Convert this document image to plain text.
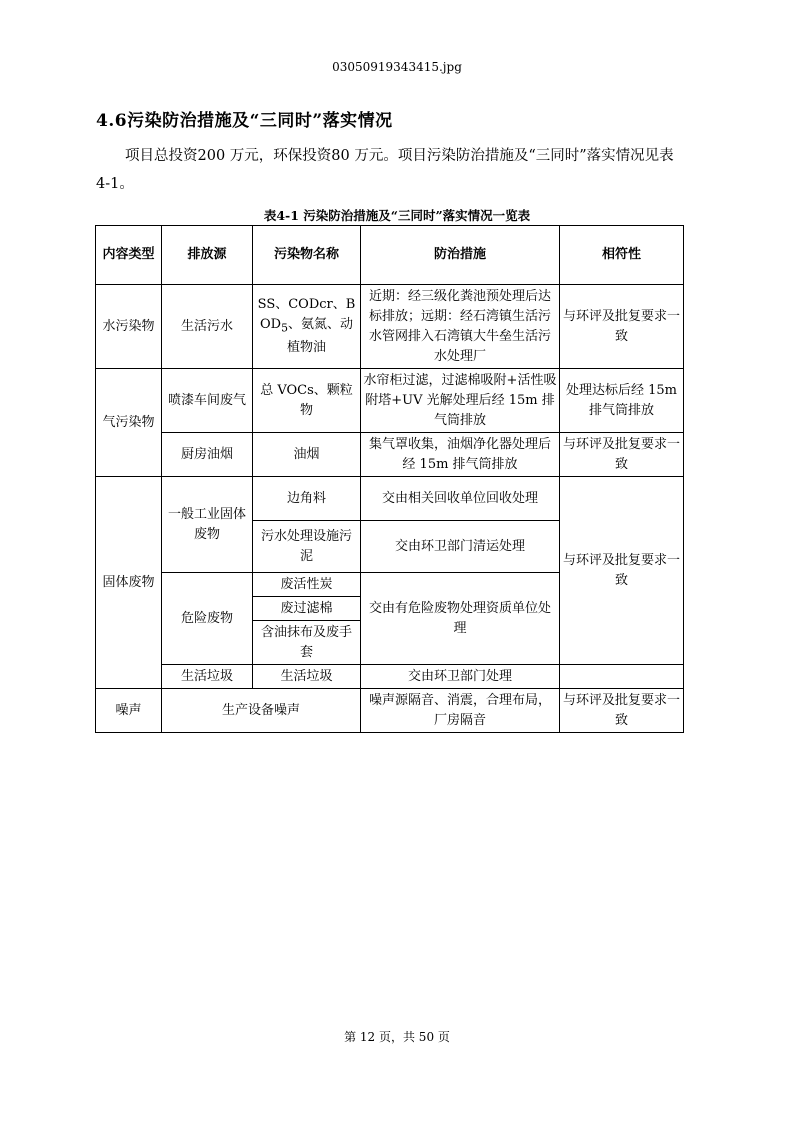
03050919343415.jpg
4.6污染防治措施及“三同时”落实情况
项目总投资200 万元，环保投资80 万元。项目污染防治措施及“三同时”落实情况见表4-1。
表4-1 污染防治措施及“三同时”落实情况一览表
内容类型	排放源	污染物名称	防治措施	相符性
水污染物	生活污水	SS、CODcr、$BOD_5$、氨氮、动植物油	近期：经三级化粪池预处理后达标排放；远期：经石湾镇生活污水管网排入石湾镇大牛垒生活污水处理厂	与环评及批复要求一致
气污染物	喷漆车间废气	总 VOCs、颗粒物	水帘柜过滤，过滤棉吸附+活性吸附塔+UV 光解处理后经 15m 排气筒排放	处理达标后经 15m 排气筒排放
	厨房油烟	油烟	集气罩收集，油烟净化器处理后经 15m 排气筒排放	与环评及批复要求一致
固体废物	一般工业固体废物	边角料	交由相关回收单位回收处理	与环评及批复要求一致
		污水处理设施污泥	交由环卫部门清运处理	
	危险废物	废活性炭	交由有危险废物处理资质单位处理	
		废过滤棉		
		含油抹布及废手套		
	生活垃圾	生活垃圾	交由环卫部门处理	
噪声	生产设备噪声		噪声源隔音、消震，合理布局，厂房隔音	与环评及批复要求一致
第 12 页，共 50 页
